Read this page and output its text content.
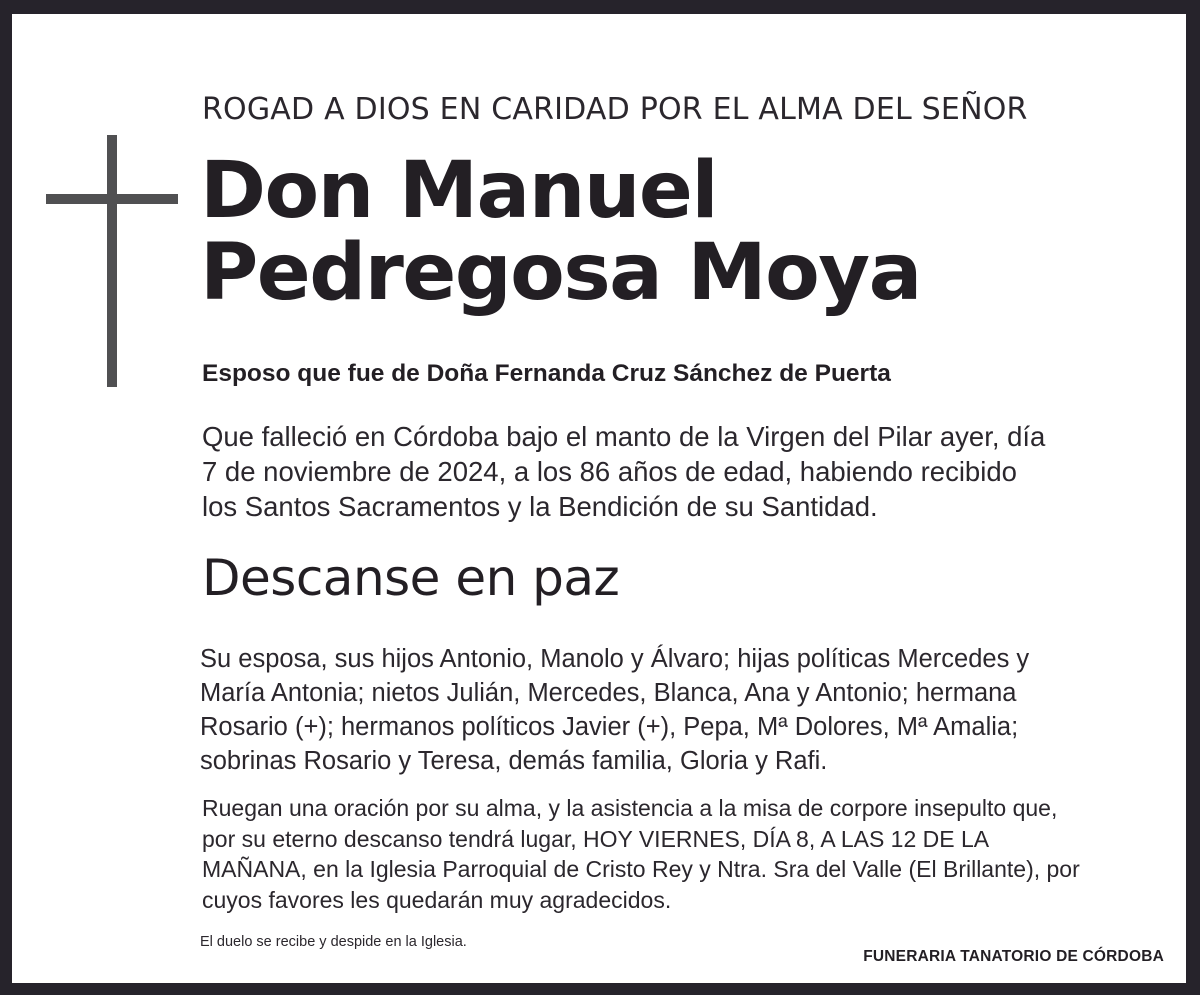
ROGAD A DIOS EN CARIDAD POR EL ALMA DEL SEÑOR
Don Manuel
Pedregosa Moya
Esposo que fue de Doña Fernanda Cruz Sánchez de Puerta
Que falleció en Córdoba bajo el manto de la Virgen del Pilar ayer, día
7 de noviembre de 2024, a los 86 años de edad, habiendo recibido
los Santos Sacramentos y la Bendición de su Santidad.
Descanse en paz
Su esposa, sus hijos Antonio, Manolo y Álvaro; hijas políticas Mercedes y
María Antonia; nietos Julián, Mercedes, Blanca, Ana y Antonio; hermana
Rosario (+); hermanos políticos Javier (+), Pepa, Mª Dolores, Mª Amalia;
sobrinas Rosario y Teresa, demás familia, Gloria y Rafi.
Ruegan una oración por su alma, y la asistencia a la misa de corpore insepulto que,
por su eterno descanso tendrá lugar, HOY VIERNES, DÍA 8, A LAS 12 DE LA
MAÑANA, en la Iglesia Parroquial de Cristo Rey y Ntra. Sra del Valle (El Brillante), por
cuyos favores les quedarán muy agradecidos.
El duelo se recibe y despide en la Iglesia.
FUNERARIA TANATORIO DE CÓRDOBA
